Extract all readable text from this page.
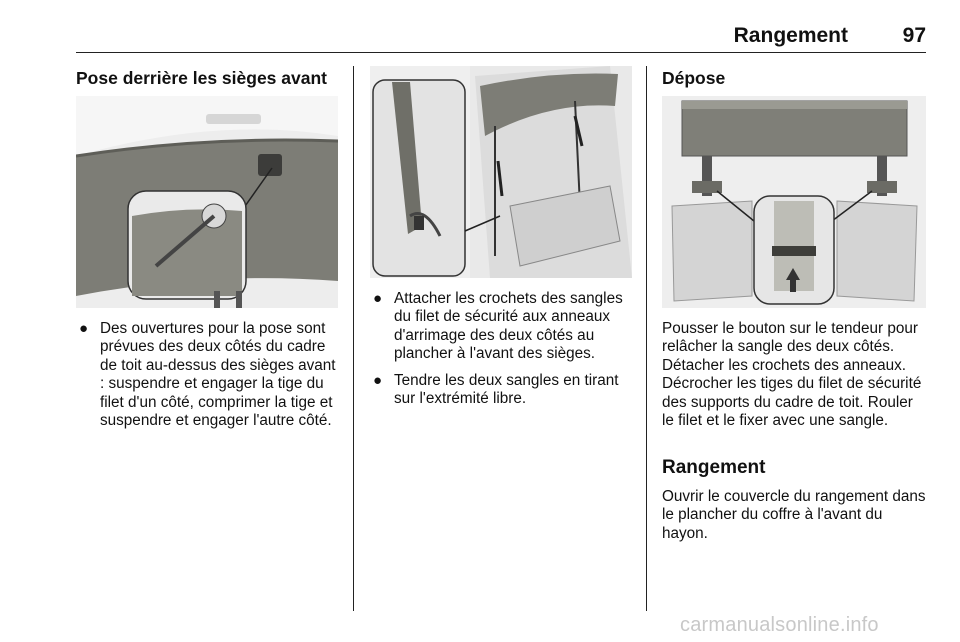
Rangement	97
Pose derrière les sièges avant
● Des ouvertures pour la pose sont prévues des deux côtés du cadre de toit au-dessus des sièges avant : suspendre et engager la tige du filet d'un côté, comprimer la tige et suspendre et engager l'autre côté.
● Attacher les crochets des sangles du filet de sécurité aux anneaux d'arrimage des deux côtés au plancher à l'avant des sièges.
● Tendre les deux sangles en tirant sur l'extrémité libre.
Dépose

Pousser le bouton sur le tendeur pour relâcher la sangle des deux côtés. Détacher les crochets des anneaux. Décrocher les tiges du filet de sécurité des supports du cadre de toit. Rouler le filet et le fixer avec une sangle.

Rangement

Ouvrir le couvercle du rangement dans le plancher du coffre à l'avant du hayon.

carmanualsonline.info
